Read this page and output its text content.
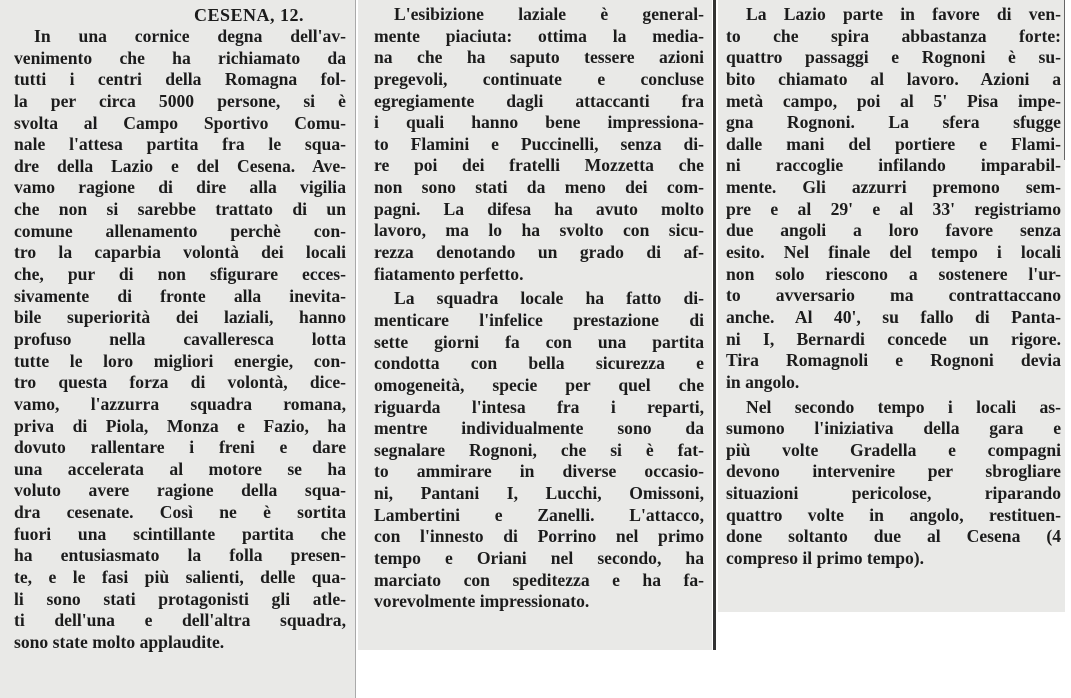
CESENA, 12.
In una cornice degna dell'av-
venimento che ha richiamato da
tutti i centri della Romagna fol-
la per circa 5000 persone, si è
svolta al Campo Sportivo Comu-
nale l'attesa partita fra le squa-
dre della Lazio e del Cesena. Ave-
vamo ragione di dire alla vigilia
che non si sarebbe trattato di un
comune allenamento perchè con-
tro la caparbia volontà dei locali
che, pur di non sfigurare ecces-
sivamente di fronte alla inevita-
bile superiorità dei laziali, hanno
profuso nella cavalleresca lotta
tutte le loro migliori energie, con-
tro questa forza di volontà, dice-
vamo, l'azzurra squadra romana,
priva di Piola, Monza e Fazio, ha
dovuto rallentare i freni e dare
una accelerata al motore se ha
voluto avere ragione della squa-
dra cesenate. Così ne è sortita
fuori una scintillante partita che
ha entusiasmato la folla presen-
te, e le fasi più salienti, delle qua-
li sono stati protagonisti gli atle-
ti dell'una e dell'altra squadra,
sono state molto applaudite.
L'esibizione laziale è general-
mente piaciuta: ottima la media-
na che ha saputo tessere azioni
pregevoli, continuate e concluse
egregiamente dagli attaccanti fra
i quali hanno bene impressiona-
to Flamini e Puccinelli, senza di-
re poi dei fratelli Mozzetta che
non sono stati da meno dei com-
pagni. La difesa ha avuto molto
lavoro, ma lo ha svolto con sicu-
rezza denotando un grado di af-
fiatamento perfetto.
La squadra locale ha fatto di-
menticare l'infelice prestazione di
sette giorni fa con una partita
condotta con bella sicurezza e
omogeneità, specie per quel che
riguarda l'intesa fra i reparti,
mentre individualmente sono da
segnalare Rognoni, che si è fat-
to ammirare in diverse occasio-
ni, Pantani I, Lucchi, Omissoni,
Lambertini e Zanelli. L'attacco,
con l'innesto di Porrino nel primo
tempo e Oriani nel secondo, ha
marciato con speditezza e ha fa-
vorevolmente impressionato.
La Lazio parte in favore di ven-
to che spira abbastanza forte:
quattro passaggi e Rognoni è su-
bito chiamato al lavoro. Azioni a
metà campo, poi al 5' Pisa impe-
gna Rognoni. La sfera sfugge
dalle mani del portiere e Flami-
ni raccoglie infilando imparabil-
mente. Gli azzurri premono sem-
pre e al 29' e al 33' registriamo
due angoli a loro favore senza
esito. Nel finale del tempo i locali
non solo riescono a sostenere l'ur-
to avversario ma contrattaccano
anche. Al 40', su fallo di Panta-
ni I, Bernardi concede un rigore.
Tira Romagnoli e Rognoni devia
in angolo.
Nel secondo tempo i locali as-
sumono l'iniziativa della gara e
più volte Gradella e compagni
devono intervenire per sbrogliare
situazioni pericolose, riparando
quattro volte in angolo, restituen-
done soltanto due al Cesena (4
compreso il primo tempo).
